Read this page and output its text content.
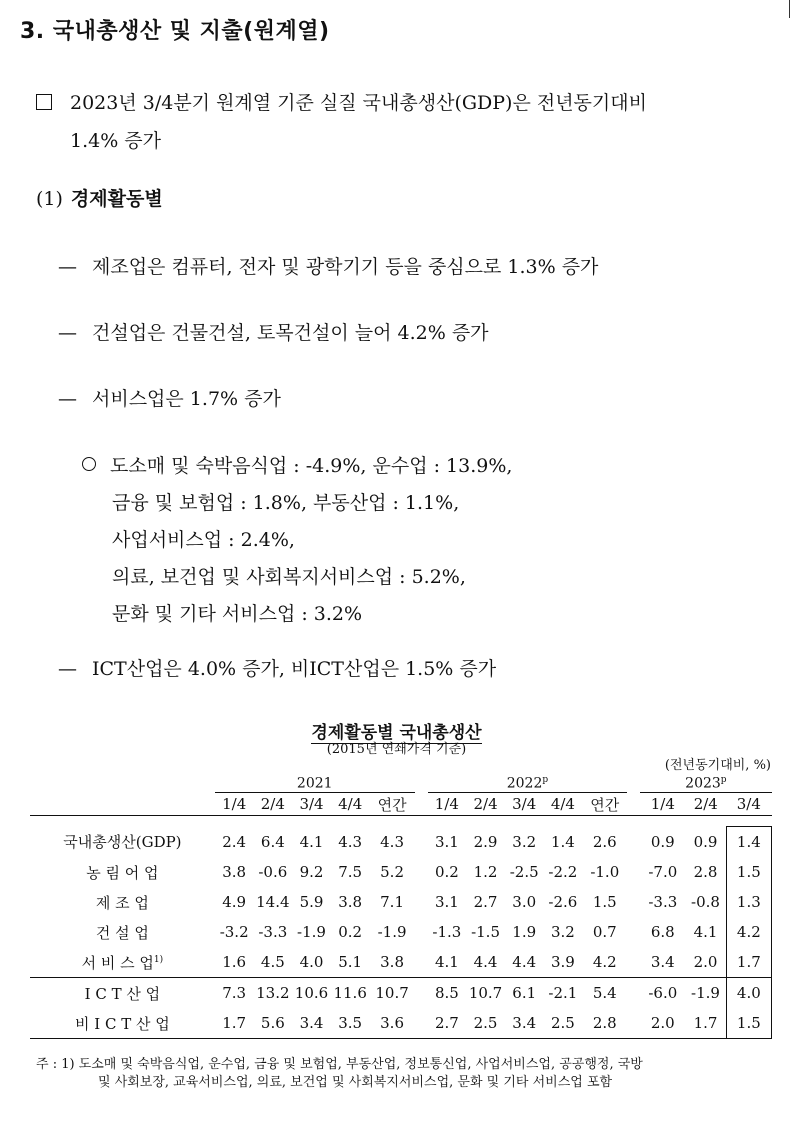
3. 국내총생산 및 지출(원계열)
2023년 3/4분기 원계열 기준 실질 국내총생산(GDP)은 전년동기대비
1.4% 증가
(1) 경제활동별
— 제조업은 컴퓨터, 전자 및 광학기기 등을 중심으로 1.3% 증가
— 건설업은 건물건설, 토목건설이 늘어 4.2% 증가
— 서비스업은 1.7% 증가
도소매 및 숙박음식업 : -4.9%, 운수업 : 13.9%,
금융 및 보험업 : 1.8%, 부동산업 : 1.1%,
사업서비스업 : 2.4%,
의료, 보건업 및 사회복지서비스업 : 5.2%,
문화 및 기타 서비스업 : 3.2%
— ICT산업은 4.0% 증가, 비ICT산업은 1.5% 증가
경제활동별 국내총생산
(2015년 연쇄가격 기준)
(전년동기대비, %)
	2021						2022$^p$						2023$^p$
	1/4	2/4	3/4	4/4	연간		1/4	2/4	3/4	4/4	연간		1/4	2/4	3/4

국내총생산(GDP)	2.4	6.4	4.1	4.3	4.3		3.1	2.9	3.2	1.4	2.6		0.9	0.9	1.4
농 림 어 업	3.8	-0.6	9.2	7.5	5.2		0.2	1.2	-2.5	-2.2	-1.0		-7.0	2.8	1.5
제 조 업	4.9	14.4	5.9	3.8	7.1		3.1	2.7	3.0	-2.6	1.5		-3.3	-0.8	1.3
건 설 업	-3.2	-3.3	-1.9	0.2	-1.9		-1.3	-1.5	1.9	3.2	0.7		6.8	4.1	4.2
서 비 스 업$^{1)}$	1.6	4.5	4.0	5.1	3.8		4.1	4.4	4.4	3.9	4.2		3.4	2.0	1.7
I C T 산 업	7.3	13.2	10.6	11.6	10.7		8.5	10.7	6.1	-2.1	5.4		-6.0	-1.9	4.0
비 I C T 산 업	1.7	5.6	3.4	3.5	3.6		2.7	2.5	3.4	2.5	2.8		2.0	1.7	1.5
주 : 1) 도소매 및 숙박음식업, 운수업, 금융 및 보험업, 부동산업, 정보통신업, 사업서비스업, 공공행정, 국방
및 사회보장, 교육서비스업, 의료, 보건업 및 사회복지서비스업, 문화 및 기타 서비스업 포함
